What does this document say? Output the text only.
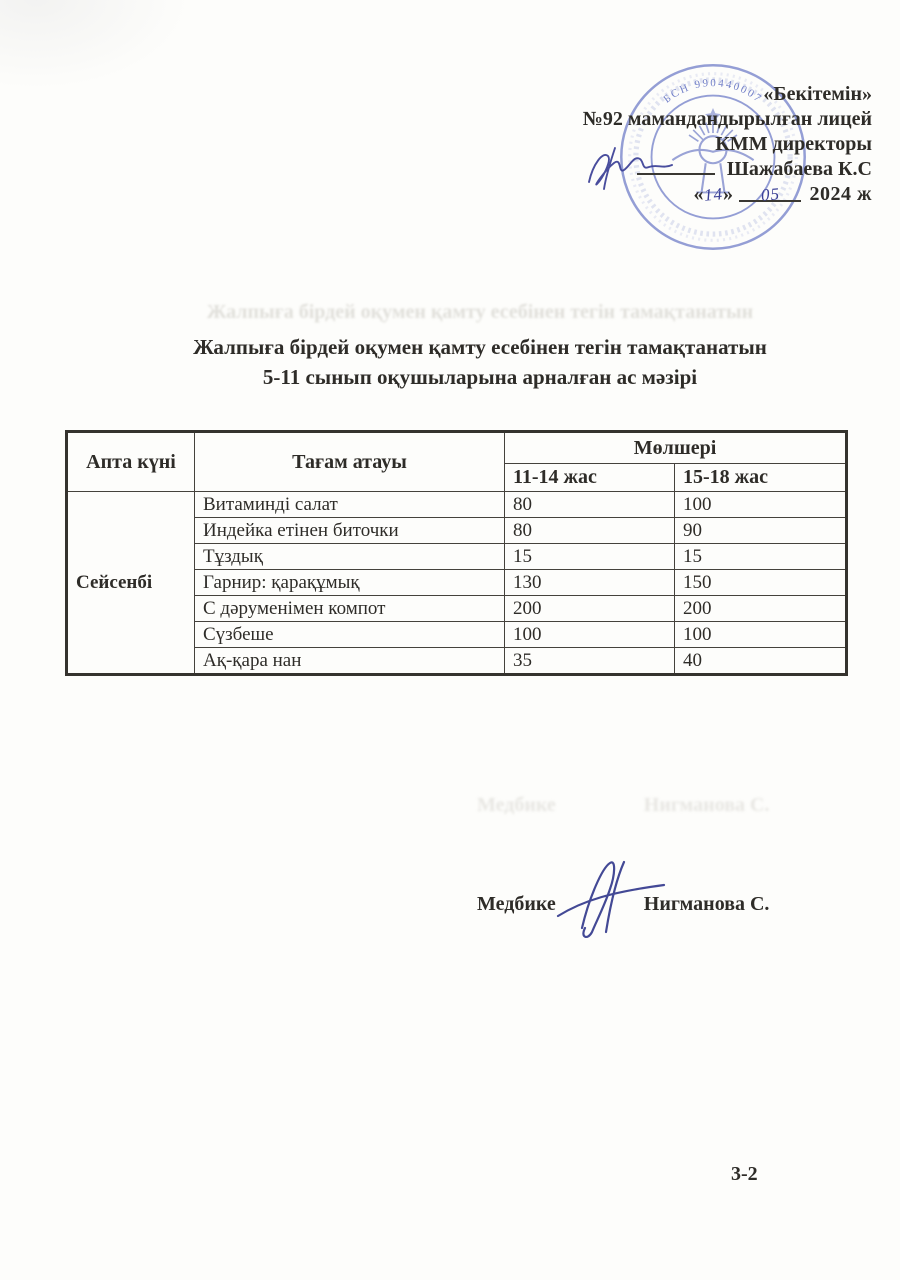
БСН 990440007
«Бекітемін»
№92 мамандандырылған лицей
КММ директоры
Шажабаева К.С
«14» 05 2024 ж
Жалпыға бірдей оқумен қамту есебінен тегін тамақтанатын
Жалпыға бірдей оқумен қамту есебінен тегін тамақтанатын
5-11 сынып оқушыларына арналған ас мәзірі
Апта күні	Тағам атауы	Мөлшері	
		11-14 жас	15-18 жас
Сейсенбі	Витаминді салат	80	100
	Индейка етінен биточки	80	90
	Тұздық	15	15
	Гарнир: қарақұмық	130	150
	С дәруменімен компот	200	200
	Сүзбеше	100	100
	Ақ-қара нан	35	40
Медбике	Нигманова С.
Медбике	Нигманова С.
3-2
